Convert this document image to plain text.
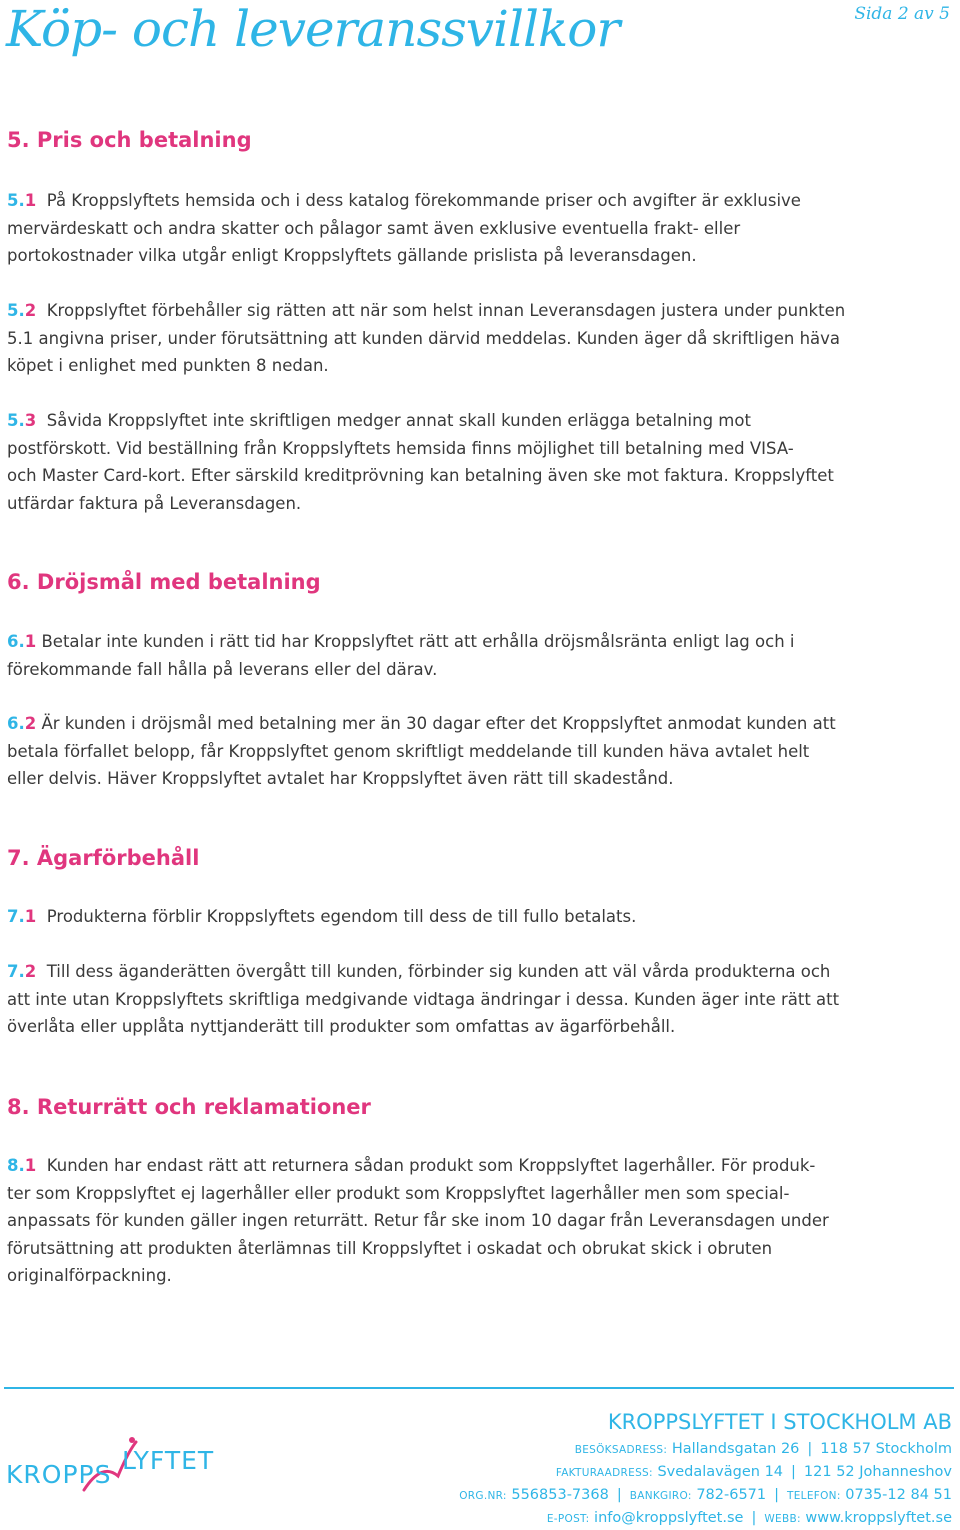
Köp- och leveranssvillkor	Sida 2 av 5
5. Pris och betalning
5.1 På Kroppslyftets hemsida och i dess katalog förekommande priser och avgifter är exklusive
mervärdeskatt och andra skatter och pålagor samt även exklusive eventuella frakt- eller
portokostnader vilka utgår enligt Kroppslyftets gällande prislista på leveransdagen.
5.2 Kroppslyftet förbehåller sig rätten att när som helst innan Leveransdagen justera under punkten
5.1 angivna priser, under förutsättning att kunden därvid meddelas. Kunden äger då skriftligen häva
köpet i enlighet med punkten 8 nedan.
5.3 Såvida Kroppslyftet inte skriftligen medger annat skall kunden erlägga betalning mot
postförskott. Vid beställning från Kroppslyftets hemsida finns möjlighet till betalning med VISA-
och Master Card-kort. Efter särskild kreditprövning kan betalning även ske mot faktura. Kroppslyftet
utfärdar faktura på Leveransdagen.
6. Dröjsmål med betalning
6.1 Betalar inte kunden i rätt tid har Kroppslyftet rätt att erhålla dröjsmålsränta enligt lag och i
förekommande fall hålla på leverans eller del därav.
6.2 Är kunden i dröjsmål med betalning mer än 30 dagar efter det Kroppslyftet anmodat kunden att
betala förfallet belopp, får Kroppslyftet genom skriftligt meddelande till kunden häva avtalet helt
eller delvis. Häver Kroppslyftet avtalet har Kroppslyftet även rätt till skadestånd.
7. Ägarförbehåll
7.1 Produkterna förblir Kroppslyftets egendom till dess de till fullo betalats.
7.2 Till dess äganderätten övergått till kunden, förbinder sig kunden att väl vårda produkterna och
att inte utan Kroppslyftets skriftliga medgivande vidtaga ändringar i dessa. Kunden äger inte rätt att
överlåta eller upplåta nyttjanderätt till produkter som omfattas av ägarförbehåll.
8. Returrätt och reklamationer
8.1 Kunden har endast rätt att returnera sådan produkt som Kroppslyftet lagerhåller. För produk-
ter som Kroppslyftet ej lagerhåller eller produkt som Kroppslyftet lagerhåller men som special-
anpassats för kunden gäller ingen returrätt. Retur får ske inom 10 dagar från Leveransdagen under
förutsättning att produkten återlämnas till Kroppslyftet i oskadat och obrukat skick i obruten
originalförpackning.
KROPPS LYFTET
KROPPSLYFTET I STOCKHOLM AB
BESÖKSADRESS: Hallandsgatan 26 | 118 57 Stockholm
FAKTURAADRESS: Svedalavägen 14 | 121 52 Johanneshov
ORG.NR: 556853-7368 | BANKGIRO: 782-6571 | TELEFON: 0735-12 84 51
E-POST: info@kroppslyftet.se | WEBB: www.kroppslyftet.se
